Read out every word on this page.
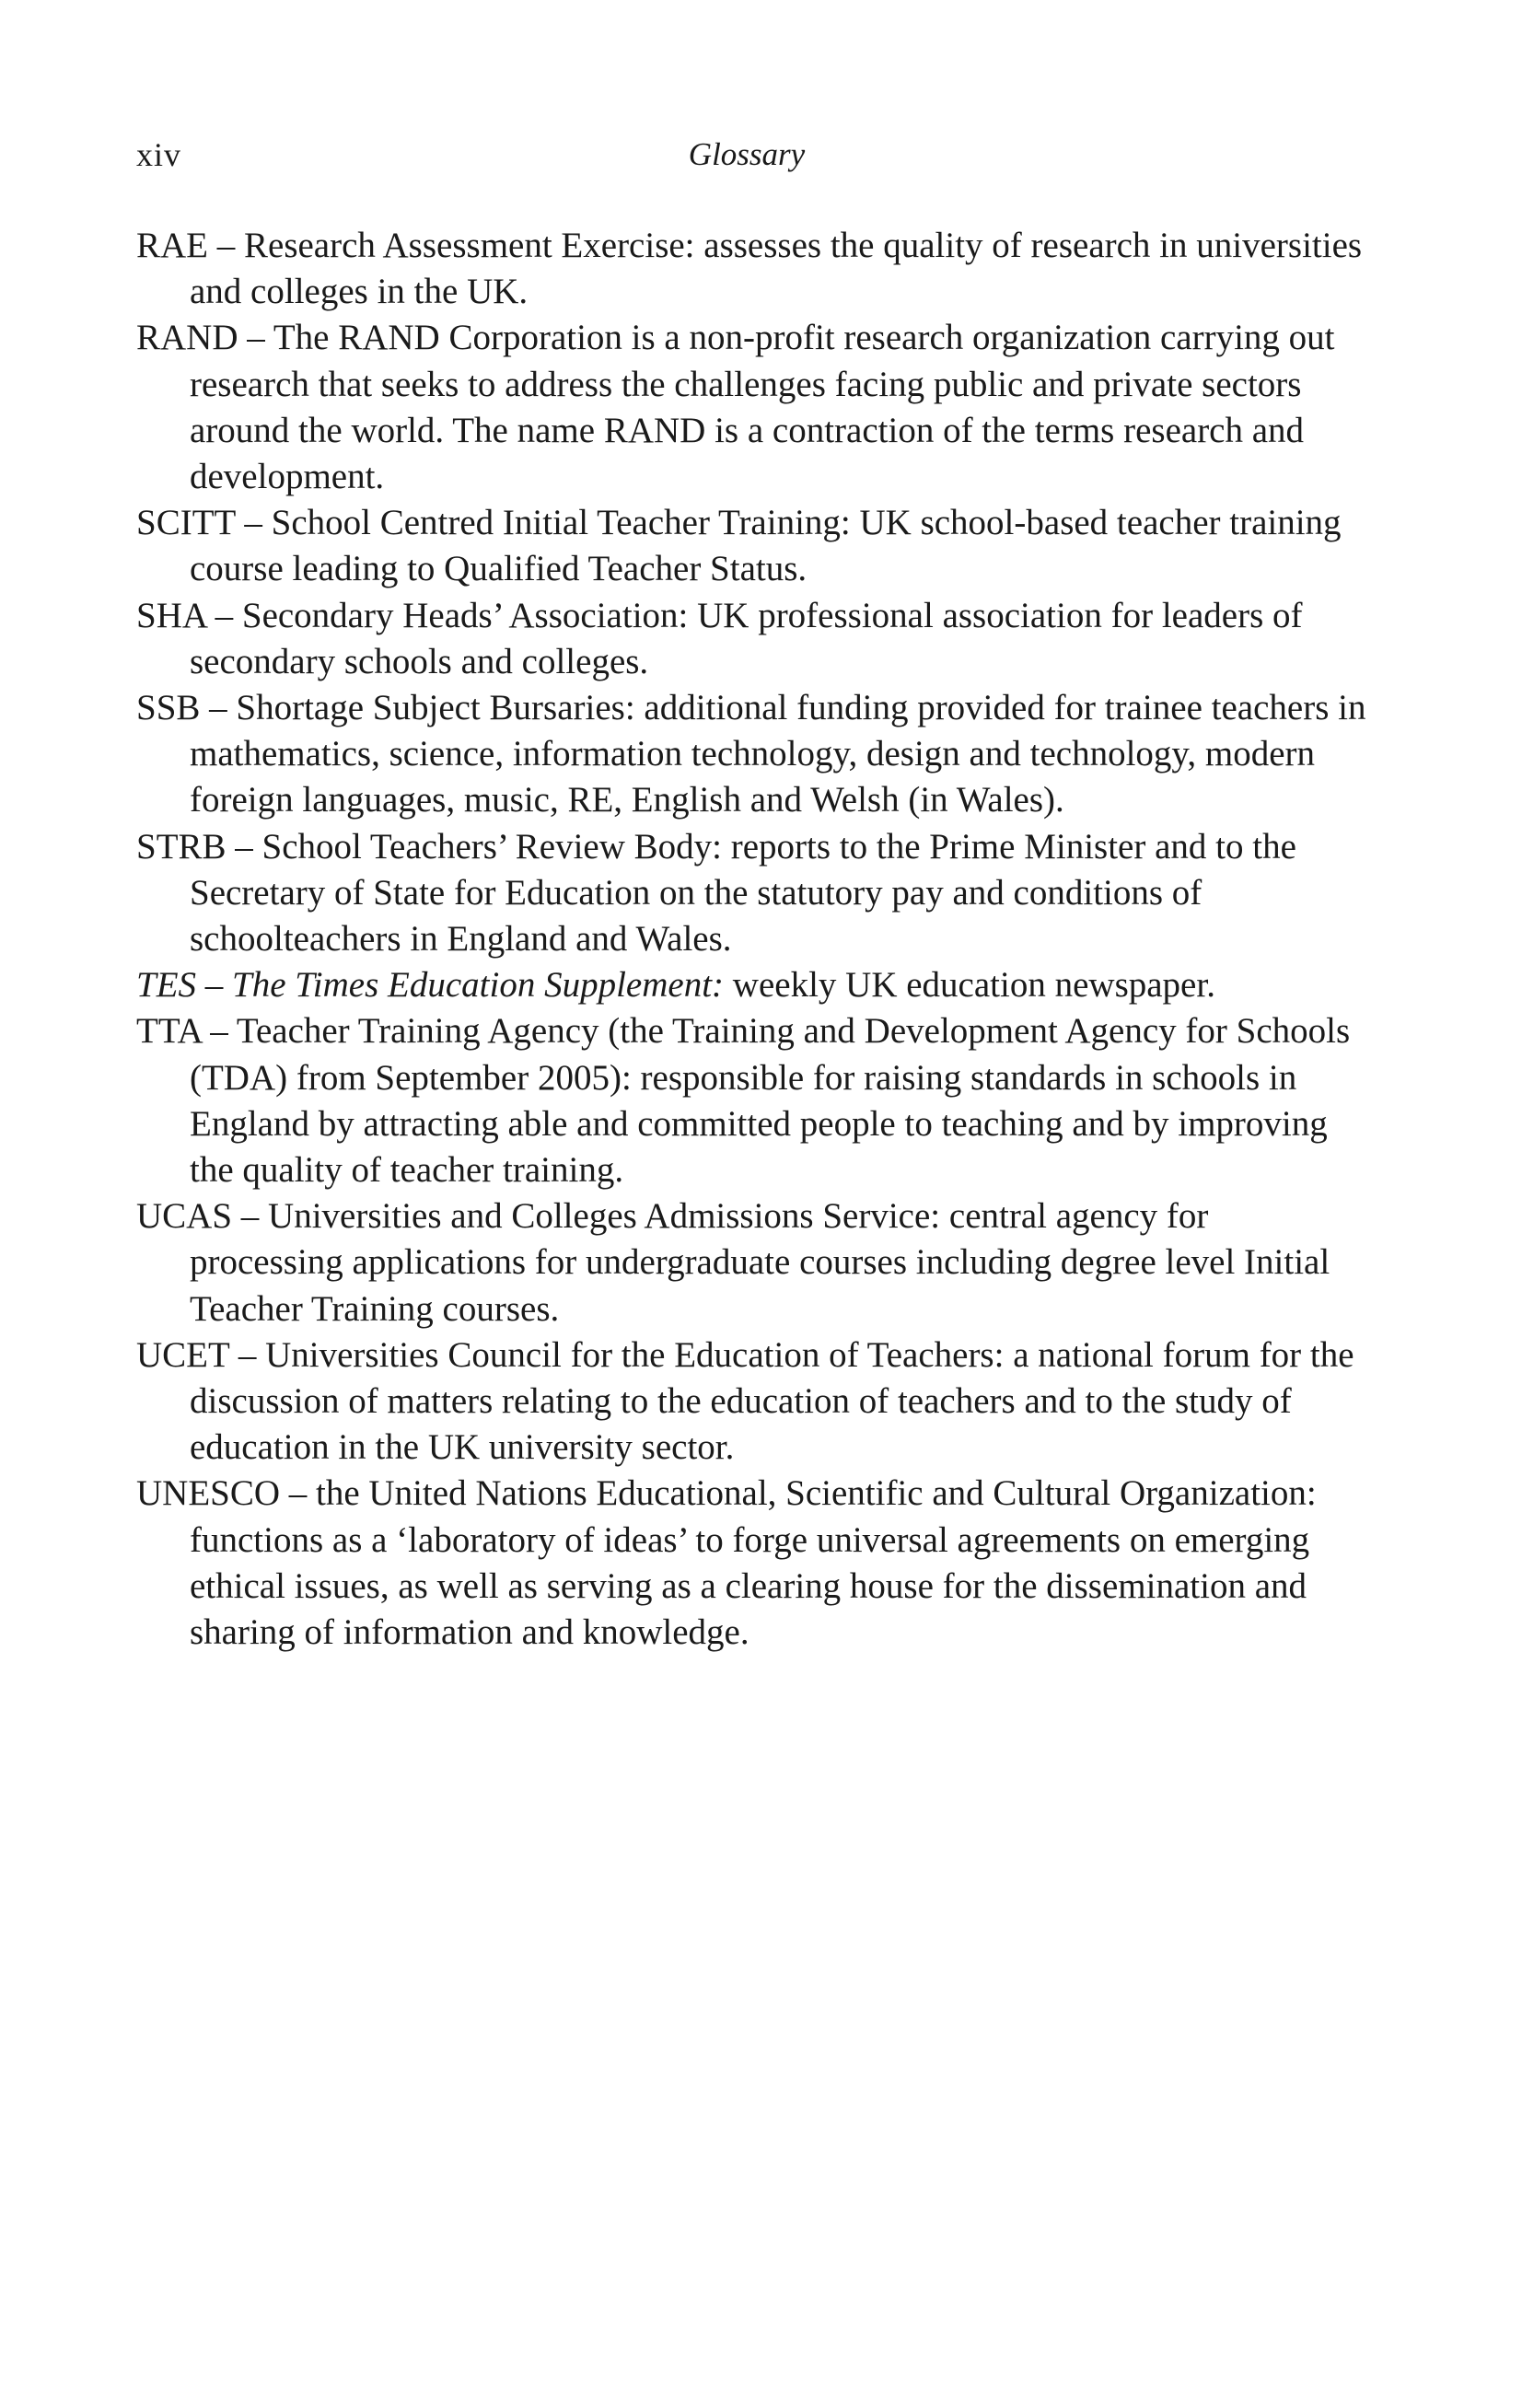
xiv	Glossary
RAE – Research Assessment Exercise: assesses the quality of research in universities and colleges in the UK.
RAND – The RAND Corporation is a non-profit research organization carrying out research that seeks to address the challenges facing public and private sectors around the world. The name RAND is a contraction of the terms research and development.
SCITT – School Centred Initial Teacher Training: UK school-based teacher training course leading to Qualified Teacher Status.
SHA – Secondary Heads’ Association: UK professional association for leaders of secondary schools and colleges.
SSB – Shortage Subject Bursaries: additional funding provided for trainee teachers in mathematics, science, information technology, design and technology, modern foreign languages, music, RE, English and Welsh (in Wales).
STRB – School Teachers’ Review Body: reports to the Prime Minister and to the Secretary of State for Education on the statutory pay and conditions of schoolteachers in England and Wales.
TES – The Times Education Supplement: weekly UK education newspaper.
TTA – Teacher Training Agency (the Training and Development Agency for Schools (TDA) from September 2005): responsible for raising standards in schools in England by attracting able and committed people to teaching and by improving the quality of teacher training.
UCAS – Universities and Colleges Admissions Service: central agency for processing applications for undergraduate courses including degree level Initial Teacher Training courses.
UCET – Universities Council for the Education of Teachers: a national forum for the discussion of matters relating to the education of teachers and to the study of education in the UK university sector.
UNESCO – the United Nations Educational, Scientific and Cultural Organization: functions as a ‘laboratory of ideas’ to forge universal agreements on emerging ethical issues, as well as serving as a clearing house for the dissemination and sharing of information and knowledge.
